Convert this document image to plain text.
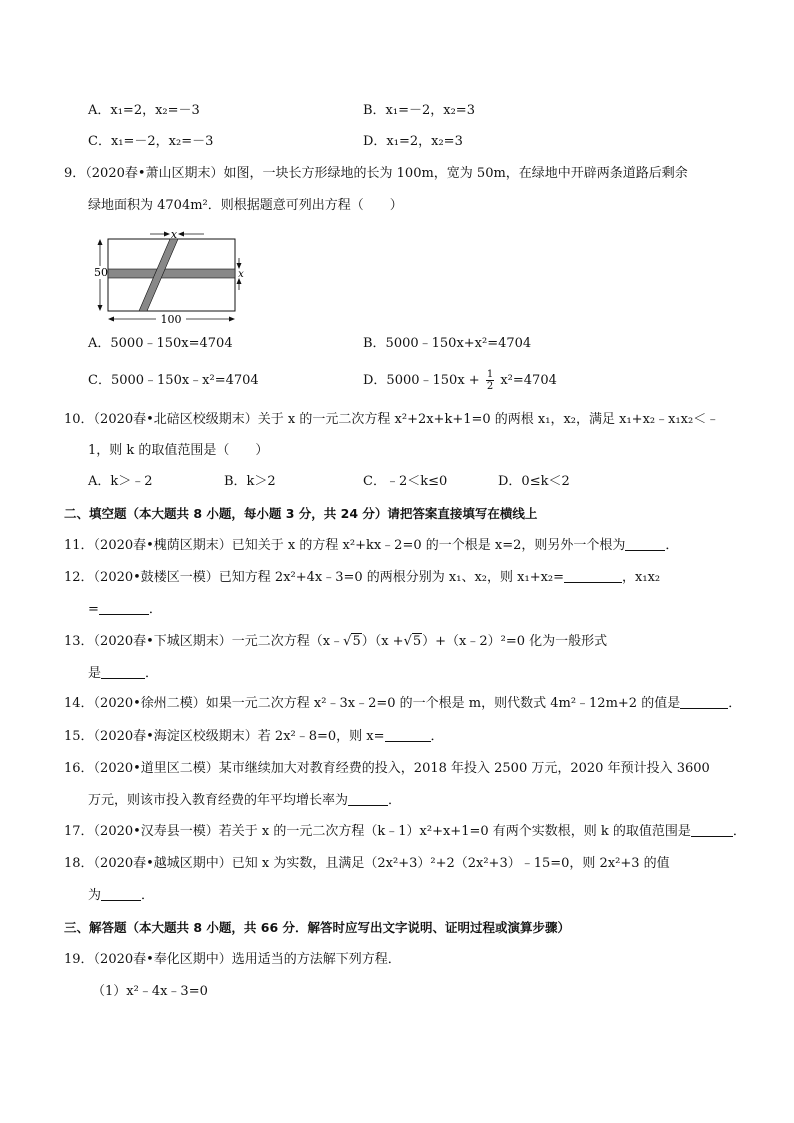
A．x₁=2，x₂=－3	B．x₁=－2，x₂=3
C．x₁=－2，x₂=－3	D．x₁=2，x₂=3
9．（2020春•萧山区期末）如图，一块长方形绿地的长为 100m，宽为 50m，在绿地中开辟两条道路后剩余
绿地面积为 4704m²．则根据题意可列出方程（　　）
x
50	x
100
A．5000﹣150x=4704	B．5000﹣150x+x²=4704
C．5000﹣150x﹣x²=4704	D．5000﹣150x + $\frac{1}{2} x^2=4704$
10．（2020春•北碚区校级期末）关于 x 的一元二次方程 x²+2x+k+1=0 的两根 x₁，x₂，满足 x₁+x₂﹣x₁x₂＜﹣
1，则 k 的取值范围是（　　）
A．k＞﹣2	B．k＞2	C．﹣2＜k≤0	D．0≤k＜2
二、填空题（本大题共 8 小题，每小题 3 分，共 24 分）请把答案直接填写在横线上
11．（2020春•槐荫区期末）已知关于 x 的方程 x²+kx﹣2=0 的一个根是 x=2，则另外一个根为	．
12．（2020•鼓楼区一模）已知方程 2x²+4x﹣3=0 的两根分别为 x₁、x₂，则 x₁+x₂=	，x₁x₂
=	．
13．（2020春•下城区期末）一元二次方程（x﹣√5）（x +√5）+（x﹣2）²=0 化为一般形式
是	．
14．（2020•徐州二模）如果一元二次方程 x²﹣3x﹣2=0 的一个根是 m，则代数式 4m²﹣12m+2 的值是	．
15．（2020春•海淀区校级期末）若 2x²﹣8=0，则 x=	．
16．（2020•道里区二模）某市继续加大对教育经费的投入，2018 年投入 2500 万元，2020 年预计投入 3600
万元，则该市投入教育经费的年平均增长率为	．
17．（2020•汉寿县一模）若关于 x 的一元二次方程（k﹣1）x²+x+1=0 有两个实数根，则 k 的取值范围是	．
18．（2020春•越城区期中）已知 x 为实数，且满足（2x²+3）²+2（2x²+3）﹣15=0，则 2x²+3 的值
为	．
三、解答题（本大题共 8 小题，共 66 分．解答时应写出文字说明、证明过程或演算步骤）
19．（2020春•奉化区期中）选用适当的方法解下列方程．
（1）x²﹣4x﹣3=0
